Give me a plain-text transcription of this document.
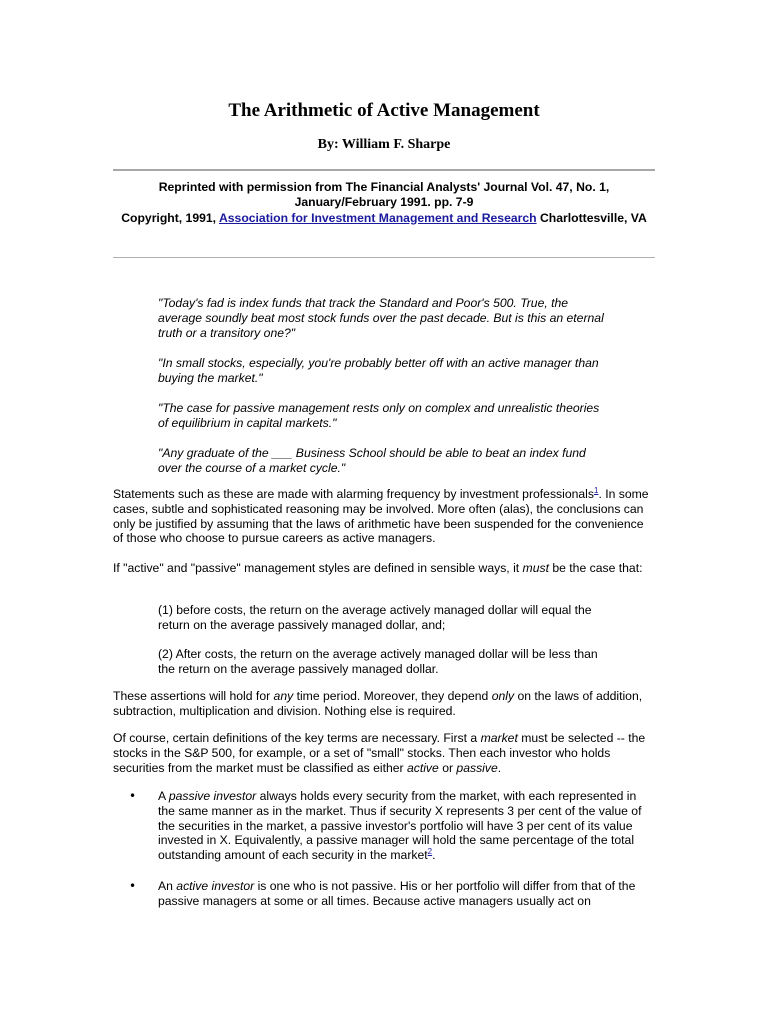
The Arithmetic of Active Management

By: William F. Sharpe

Reprinted with permission from The Financial Analysts' Journal Vol. 47, No. 1, January/February 1991. pp. 7-9
Copyright, 1991, Association for Investment Management and Research Charlottesville, VA

"Today's fad is index funds that track the Standard and Poor's 500. True, the average soundly beat most stock funds over the past decade. But is this an eternal truth or a transitory one?"

"In small stocks, especially, you're probably better off with an active manager than buying the market."

"The case for passive management rests only on complex and unrealistic theories of equilibrium in capital markets."

"Any graduate of the ___ Business School should be able to beat an index fund over the course of a market cycle."

Statements such as these are made with alarming frequency by investment professionals$^1$. In some cases, subtle and sophisticated reasoning may be involved. More often (alas), the conclusions can only be justified by assuming that the laws of arithmetic have been suspended for the convenience of those who choose to pursue careers as active managers.

If "active" and "passive" management styles are defined in sensible ways, it must be the case that:

(1) before costs, the return on the average actively managed dollar will equal the return on the average passively managed dollar, and;

(2) After costs, the return on the average actively managed dollar will be less than the return on the average passively managed dollar.

These assertions will hold for any time period. Moreover, they depend only on the laws of addition, subtraction, multiplication and division. Nothing else is required.

Of course, certain definitions of the key terms are necessary. First a market must be selected -- the stocks in the S&P 500, for example, or a set of "small" stocks. Then each investor who holds securities from the market must be classified as either active or passive.

• A passive investor always holds every security from the market, with each represented in the same manner as in the market. Thus if security X represents 3 per cent of the value of the securities in the market, a passive investor's portfolio will have 3 per cent of its value invested in X. Equivalently, a passive manager will hold the same percentage of the total outstanding amount of each security in the market$^2$.

• An active investor is one who is not passive. His or her portfolio will differ from that of the passive managers at some or all times. Because active managers usually act on
